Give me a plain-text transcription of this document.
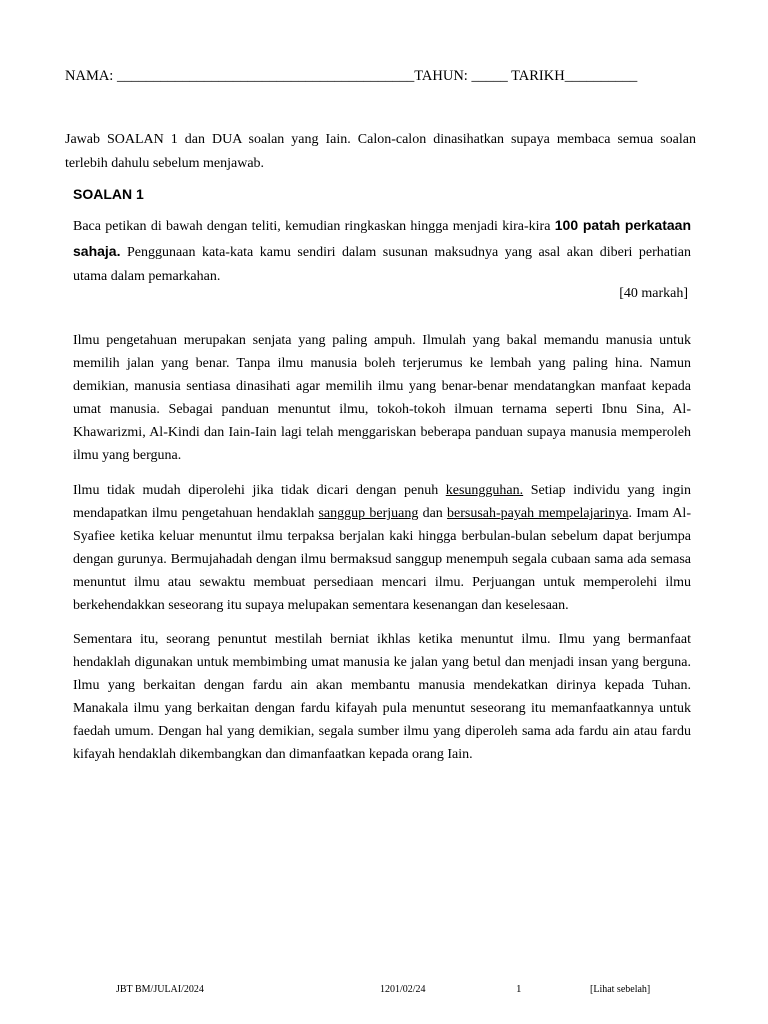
NAMA: _________________________________________TAHUN: _____ TARIKH__________
Jawab SOALAN 1 dan DUA soalan yang Iain. Calon-calon dinasihatkan supaya membaca semua soalan terlebih dahulu sebelum menjawab.
SOALAN 1
Baca petikan di bawah dengan teliti, kemudian ringkaskan hingga menjadi kira-kira 100 patah perkataan sahaja. Penggunaan kata-kata kamu sendiri dalam susunan maksudnya yang asal akan diberi perhatian utama dalam pemarkahan.
[40 markah]
Ilmu pengetahuan merupakan senjata yang paling ampuh. Ilmulah yang bakal memandu manusia untuk memilih jalan yang benar. Tanpa ilmu manusia boleh terjerumus ke lembah yang paling hina. Namun demikian, manusia sentiasa dinasihati agar memilih ilmu yang benar-benar mendatangkan manfaat kepada umat manusia. Sebagai panduan menuntut ilmu, tokoh-tokoh ilmuan ternama seperti Ibnu Sina, Al-Khawarizmi, Al-Kindi dan Iain-Iain lagi telah menggariskan beberapa panduan supaya manusia memperoleh ilmu yang berguna.
Ilmu tidak mudah diperolehi jika tidak dicari dengan penuh kesungguhan. Setiap individu yang ingin mendapatkan ilmu pengetahuan hendaklah sanggup berjuang dan bersusah-payah mempelajarinya. Imam Al-Syafiee ketika keluar menuntut ilmu terpaksa berjalan kaki hingga berbulan-bulan sebelum dapat berjumpa dengan gurunya. Bermujahadah dengan ilmu bermaksud sanggup menempuh segala cubaan sama ada semasa menuntut ilmu atau sewaktu membuat persediaan mencari ilmu. Perjuangan untuk memperolehi ilmu berkehendakkan seseorang itu supaya melupakan sementara kesenangan dan keselesaan.
Sementara itu, seorang penuntut mestilah berniat ikhlas ketika menuntut ilmu. Ilmu yang bermanfaat hendaklah digunakan untuk membimbing umat manusia ke jalan yang betul dan menjadi insan yang berguna. Ilmu yang berkaitan dengan fardu ain akan membantu manusia mendekatkan dirinya kepada Tuhan. Manakala ilmu yang berkaitan dengan fardu kifayah pula menuntut seseorang itu memanfaatkannya untuk faedah umum. Dengan hal yang demikian, segala sumber ilmu yang diperoleh sama ada fardu ain atau fardu kifayah hendaklah dikembangkan dan dimanfaatkan kepada orang Iain.
JBT BM/JULAI/2024	1201/02/24	1	[Lihat sebelah]
